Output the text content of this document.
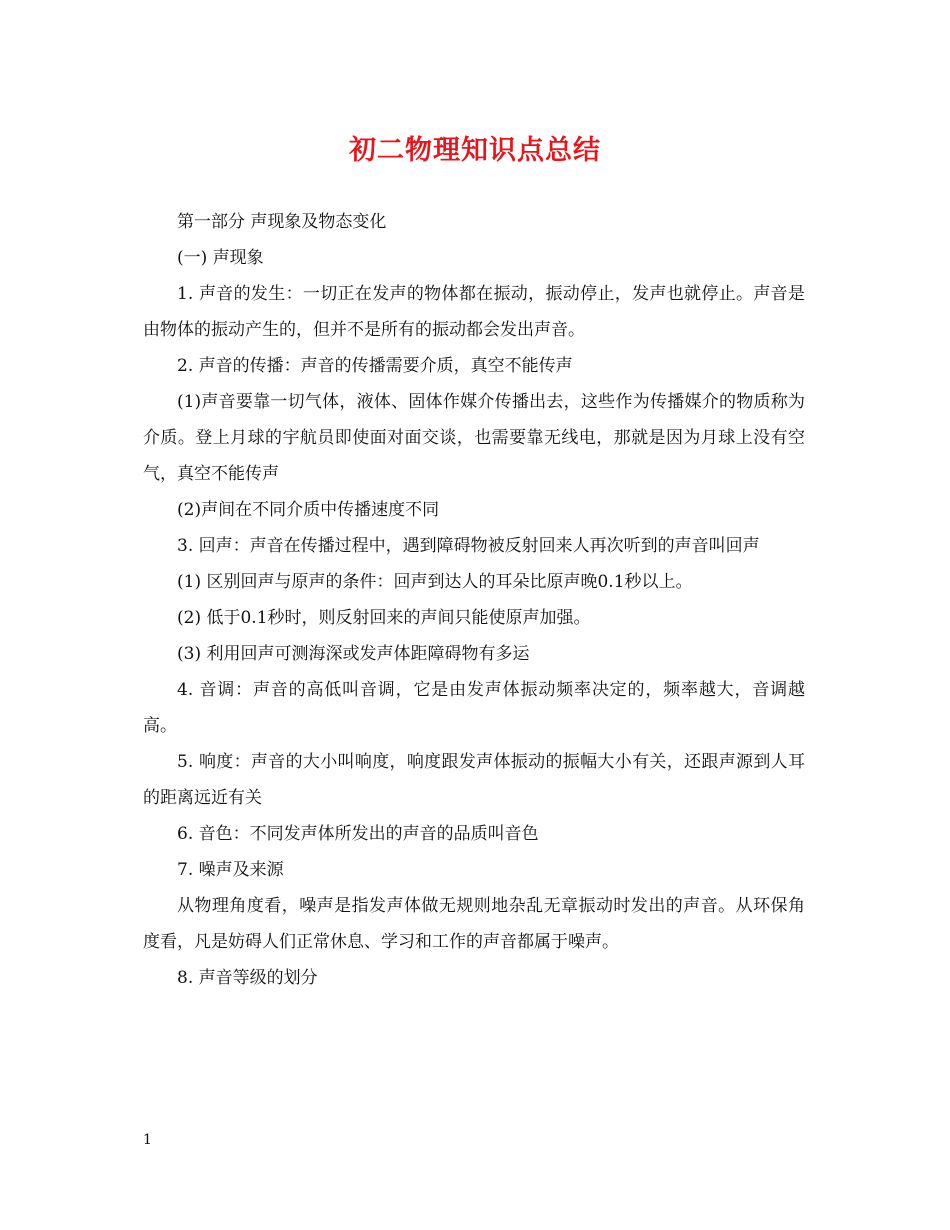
初二物理知识点总结

第一部分 声现象及物态变化

(一) 声现象

1. 声音的发生：一切正在发声的物体都在振动，振动停止，发声也就停止。声音是由物体的振动产生的，但并不是所有的振动都会发出声音。

2. 声音的传播：声音的传播需要介质，真空不能传声

(1)声音要靠一切气体，液体、固体作媒介传播出去，这些作为传播媒介的物质称为介质。登上月球的宇航员即使面对面交谈，也需要靠无线电，那就是因为月球上没有空气，真空不能传声

(2)声间在不同介质中传播速度不同

3. 回声：声音在传播过程中，遇到障碍物被反射回来人再次听到的声音叫回声

(1) 区别回声与原声的条件：回声到达人的耳朵比原声晚0.1秒以上。

(2) 低于0.1秒时，则反射回来的声间只能使原声加强。

(3) 利用回声可测海深或发声体距障碍物有多运

4. 音调：声音的高低叫音调，它是由发声体振动频率决定的，频率越大，音调越高。

5. 响度：声音的大小叫响度，响度跟发声体振动的振幅大小有关，还跟声源到人耳的距离远近有关

6. 音色：不同发声体所发出的声音的品质叫音色

7. 噪声及来源

从物理角度看，噪声是指发声体做无规则地杂乱无章振动时发出的声音。从环保角度看，凡是妨碍人们正常休息、学习和工作的声音都属于噪声。

8. 声音等级的划分

1
